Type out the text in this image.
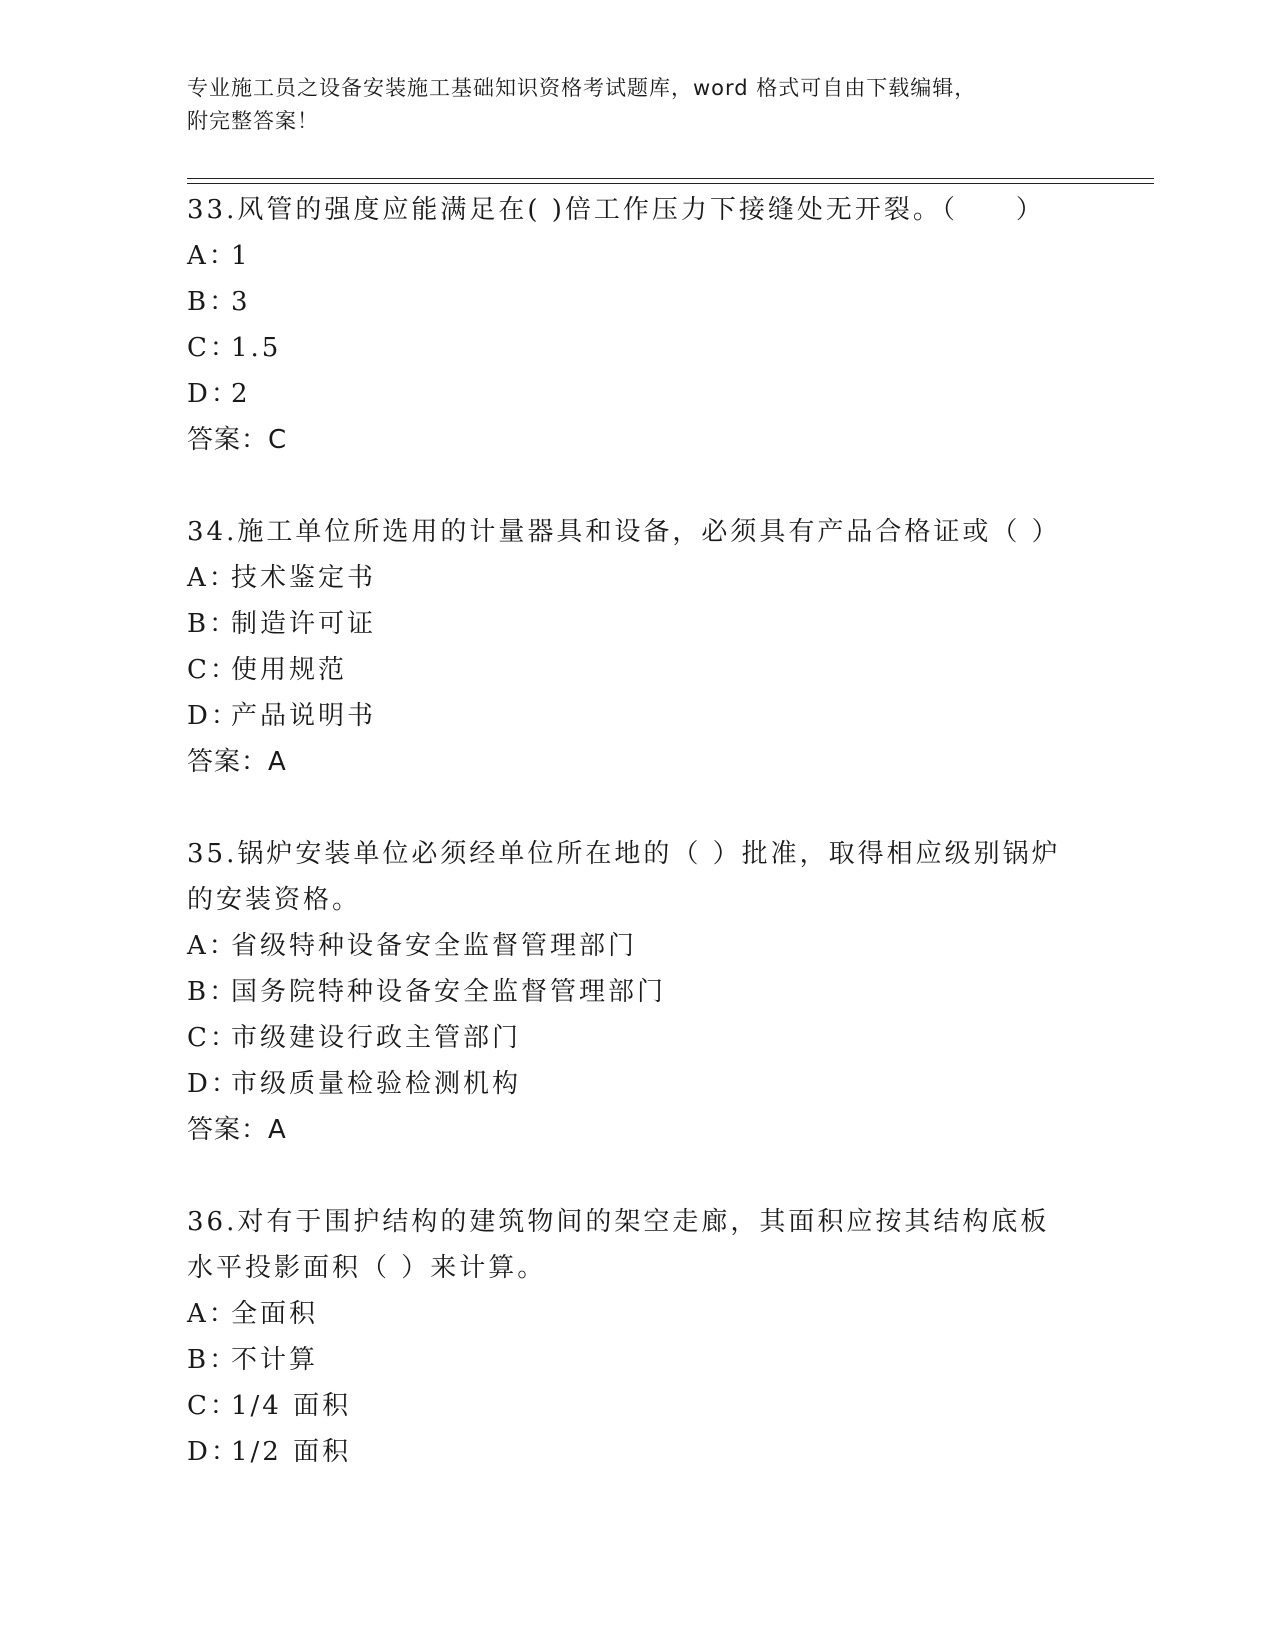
专业施工员之设备安装施工基础知识资格考试题库，word 格式可自由下载编辑，
附完整答案！
33.风管的强度应能满足在( )倍工作压力下接缝处无开裂。（　　）
A ： 1
B ： 3
C ： 1.5
D ： 2
答案：C
34.施工单位所选用的计量器具和设备，必须具有产品合格证或（ ）
A ： 技术鉴定书
B ： 制造许可证
C ： 使用规范
D ： 产品说明书
答案：A
35.锅炉安装单位必须经单位所在地的（ ）批准，取得相应级别锅炉的安装资格。
A ： 省级特种设备安全监督管理部门
B ： 国务院特种设备安全监督管理部门
C ： 市级建设行政主管部门
D ： 市级质量检验检测机构
答案：A
36.对有于围护结构的建筑物间的架空走廊，其面积应按其结构底板水平投影面积（ ）来计算。
A ： 全面积
B ： 不计算
C ： 1/4 面积
D ： 1/2 面积
